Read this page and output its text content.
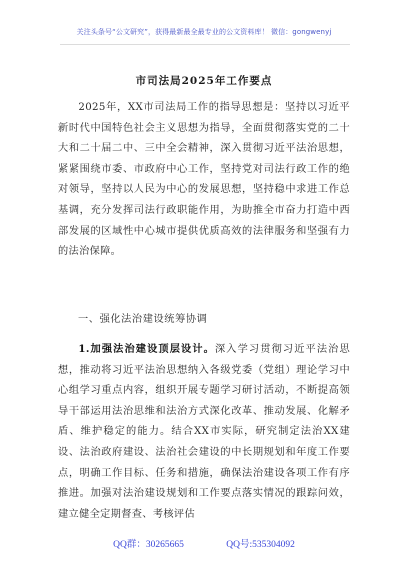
关注头条号“公文研究”，获得最新最全最专业的公文资料库！ 微信：gongwenyj
市司法局2025年工作要点
2025年，XX市司法局工作的指导思想是：坚持以习近平新时代中国特色社会主义思想为指导，全面贯彻落实党的二十大和二十届二中、三中全会精神，深入贯彻习近平法治思想，紧紧围绕市委、市政府中心工作，坚持党对司法行政工作的绝对领导，坚持以人民为中心的发展思想，坚持稳中求进工作总基调，充分发挥司法行政职能作用，为助推全市奋力打造中西部发展的区域性中心城市提供优质高效的法律服务和坚强有力的法治保障。
一、强化法治建设统筹协调
1.加强法治建设顶层设计。深入学习贯彻习近平法治思想，推动将习近平法治思想纳入各级党委（党组）理论学习中心组学习重点内容，组织开展专题学习研讨活动，不断提高领导干部运用法治思维和法治方式深化改革、推动发展、化解矛盾、维护稳定的能力。结合XX市实际，研究制定法治XX建设、法治政府建设、法治社会建设的中长期规划和年度工作要点，明确工作目标、任务和措施，确保法治建设各项工作有序推进。加强对法治建设规划和工作要点落实情况的跟踪问效，建立健全定期督查、考核评估
QQ群：30265665	QQ号:535304092
